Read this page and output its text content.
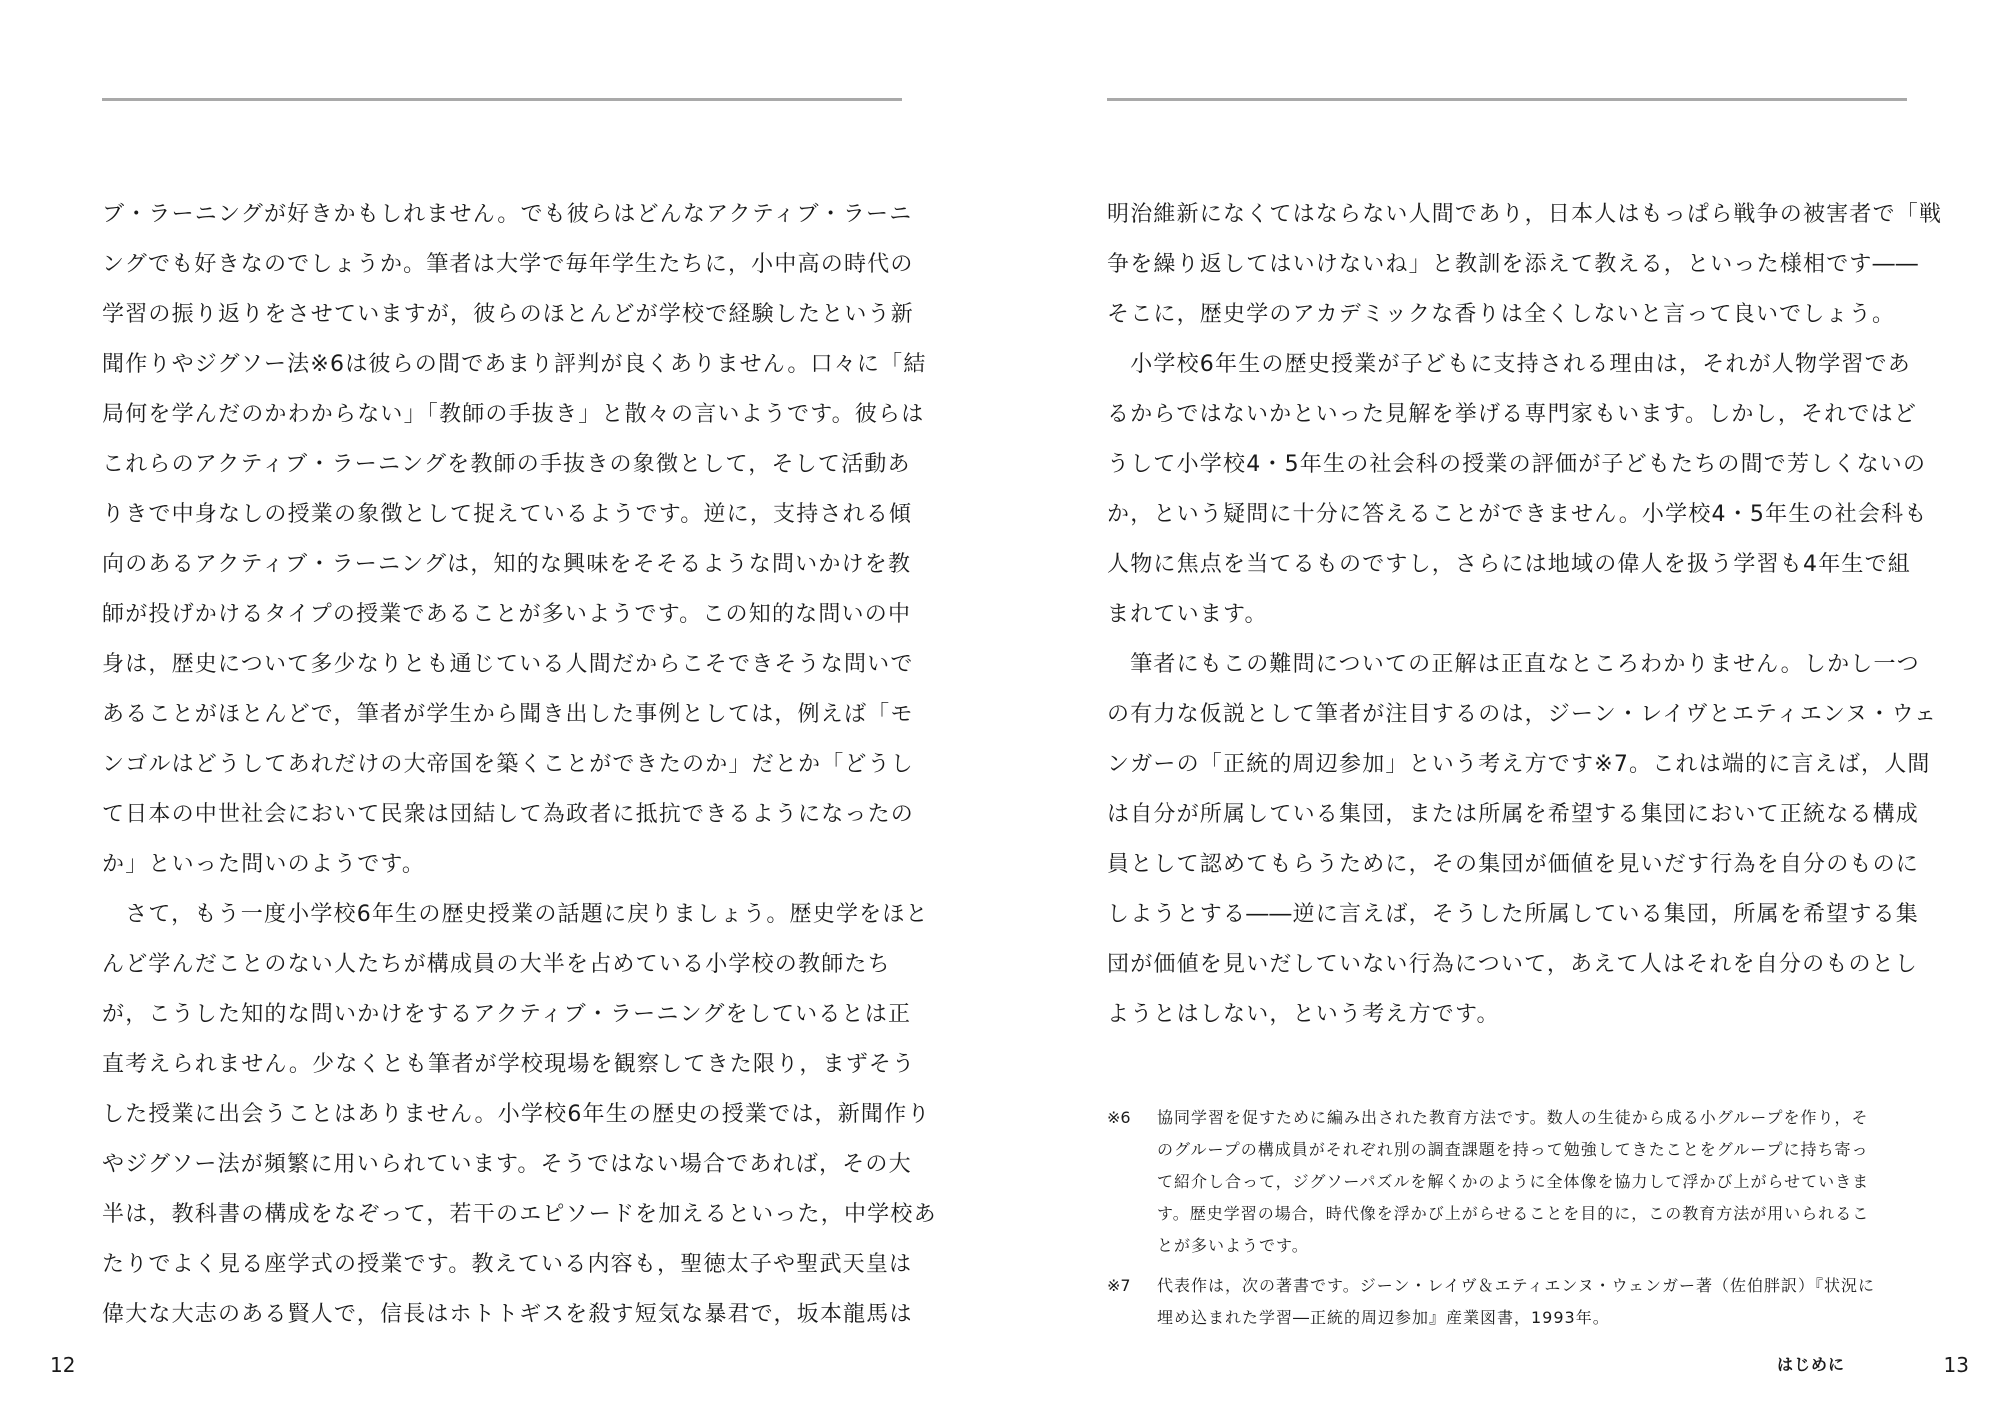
ブ・ラーニングが好きかもしれません。でも彼らはどんなアクティブ・ラーニ
ングでも好きなのでしょうか。筆者は大学で毎年学生たちに，小中高の時代の
学習の振り返りをさせていますが，彼らのほとんどが学校で経験したという新
聞作りやジグソー法※6は彼らの間であまり評判が良くありません。口々に「結
局何を学んだのかわからない」「教師の手抜き」と散々の言いようです。彼らは
これらのアクティブ・ラーニングを教師の手抜きの象徴として，そして活動あ
りきで中身なしの授業の象徴として捉えているようです。逆に，支持される傾
向のあるアクティブ・ラーニングは，知的な興味をそそるような問いかけを教
師が投げかけるタイプの授業であることが多いようです。この知的な問いの中
身は，歴史について多少なりとも通じている人間だからこそできそうな問いで
あることがほとんどで，筆者が学生から聞き出した事例としては，例えば「モ
ンゴルはどうしてあれだけの大帝国を築くことができたのか」だとか「どうし
て日本の中世社会において民衆は団結して為政者に抵抗できるようになったの
か」といった問いのようです。
　さて，もう一度小学校6年生の歴史授業の話題に戻りましょう。歴史学をほと
んど学んだことのない人たちが構成員の大半を占めている小学校の教師たち
が，こうした知的な問いかけをするアクティブ・ラーニングをしているとは正
直考えられません。少なくとも筆者が学校現場を観察してきた限り，まずそう
した授業に出会うことはありません。小学校6年生の歴史の授業では，新聞作り
やジグソー法が頻繁に用いられています。そうではない場合であれば，その大
半は，教科書の構成をなぞって，若干のエピソードを加えるといった，中学校あ
たりでよく見る座学式の授業です。教えている内容も，聖徳太子や聖武天皇は
偉大な大志のある賢人で，信長はホトトギスを殺す短気な暴君で，坂本龍馬は
12
明治維新になくてはならない人間であり，日本人はもっぱら戦争の被害者で「戦
争を繰り返してはいけないね」と教訓を添えて教える，といった様相です――
そこに，歴史学のアカデミックな香りは全くしないと言って良いでしょう。
　小学校6年生の歴史授業が子どもに支持される理由は，それが人物学習であ
るからではないかといった見解を挙げる専門家もいます。しかし，それではど
うして小学校4・5年生の社会科の授業の評価が子どもたちの間で芳しくないの
か，という疑問に十分に答えることができません。小学校4・5年生の社会科も
人物に焦点を当てるものですし，さらには地域の偉人を扱う学習も4年生で組
まれています。
　筆者にもこの難問についての正解は正直なところわかりません。しかし一つ
の有力な仮説として筆者が注目するのは，ジーン・レイヴとエティエンヌ・ウェ
ンガーの「正統的周辺参加」という考え方です※7。これは端的に言えば，人間
は自分が所属している集団，または所属を希望する集団において正統なる構成
員として認めてもらうために，その集団が価値を見いだす行為を自分のものに
しようとする――逆に言えば，そうした所属している集団，所属を希望する集
団が価値を見いだしていない行為について，あえて人はそれを自分のものとし
ようとはしない，という考え方です。
※6	協同学習を促すために編み出された教育方法です。数人の生徒から成る小グループを作り，そ
のグループの構成員がそれぞれ別の調査課題を持って勉強してきたことをグループに持ち寄っ
て紹介し合って，ジグソーパズルを解くかのように全体像を協力して浮かび上がらせていきま
す。歴史学習の場合，時代像を浮かび上がらせることを目的に，この教育方法が用いられるこ
とが多いようです。
※7	代表作は，次の著書です。ジーン・レイヴ＆エティエンヌ・ウェンガー著（佐伯胖訳）『状況に
埋め込まれた学習―正統的周辺参加』産業図書，1993年。
はじめに	13
